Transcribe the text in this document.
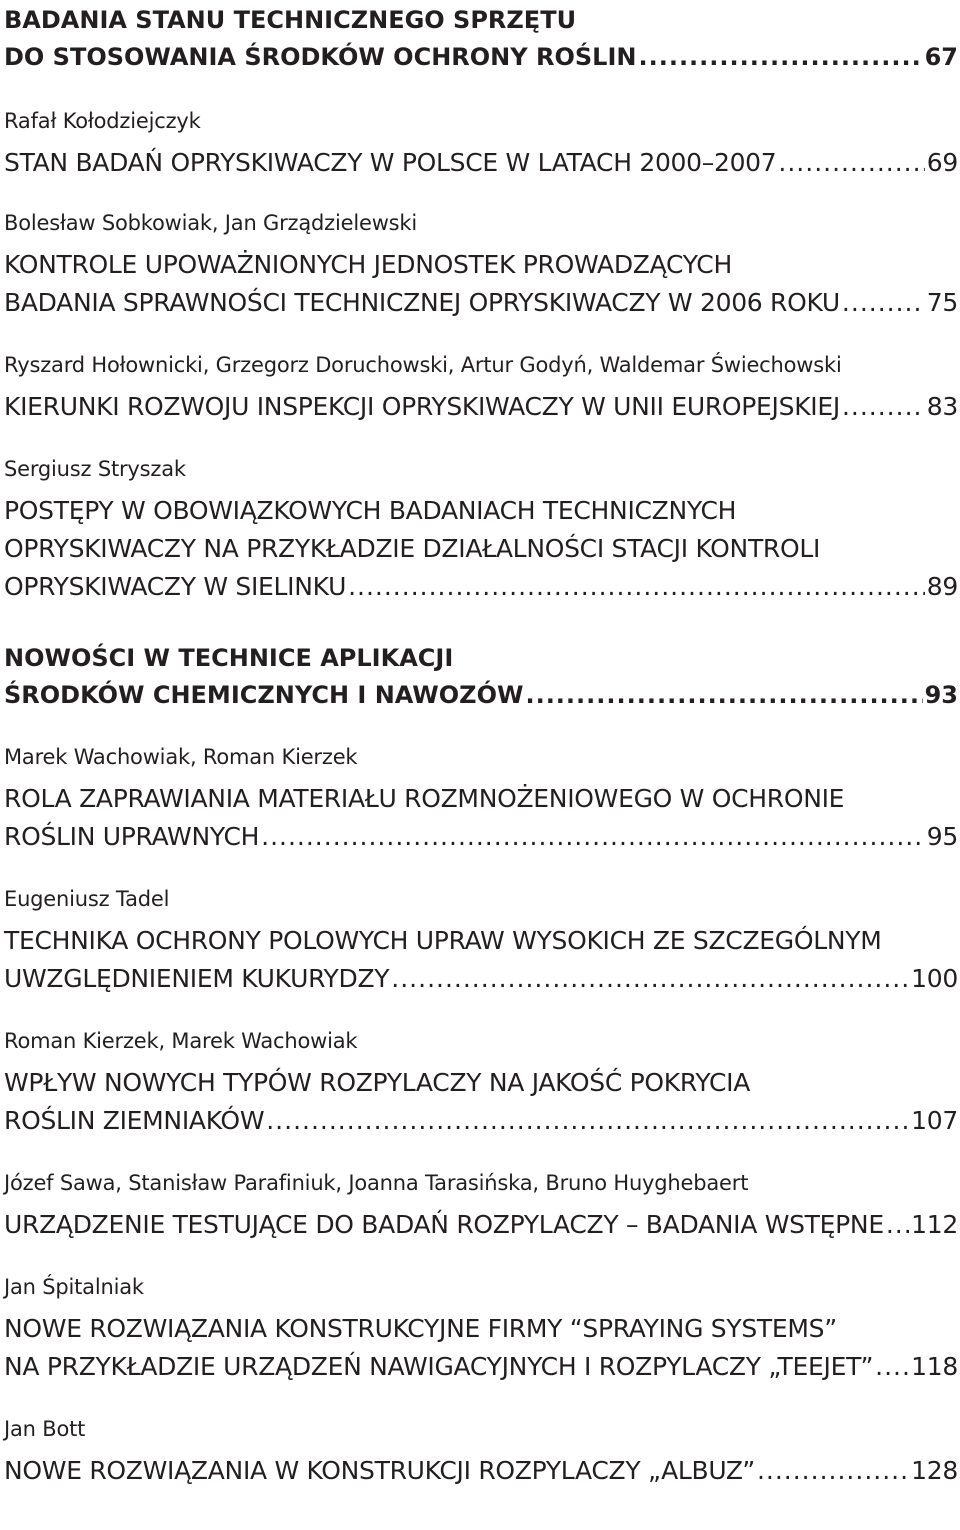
BADANIA STANU TECHNICZNEGO SPRZĘTU
DO STOSOWANIA ŚRODKÓW OCHRONY ROŚLIN .....	67
Rafał Kołodziejczyk
STAN BADAŃ OPRYSKIWACZY W POLSCE W LATACH 2000–2007 .....	69
Bolesław Sobkowiak, Jan Grządzielewski
KONTROLE UPOWAŻNIONYCH JEDNOSTEK PROWADZĄCYCH
BADANIA SPRAWNOŚCI TECHNICZNEJ OPRYSKIWACZY W 2006 ROKU .....	75
Ryszard Hołownicki, Grzegorz Doruchowski, Artur Godyń, Waldemar Świechowski
KIERUNKI ROZWOJU INSPEKCJI OPRYSKIWACZY W UNII EUROPEJSKIEJ .....	83
Sergiusz Stryszak
POSTĘPY W OBOWIĄZKOWYCH BADANIACH TECHNICZNYCH
OPRYSKIWACZY NA PRZYKŁADZIE DZIAŁALNOŚCI STACJI KONTROLI
OPRYSKIWACZY W SIELINKU .....	89
NOWOŚCI W TECHNICE APLIKACJI
ŚRODKÓW CHEMICZNYCH I NAWOZÓW .....	93
Marek Wachowiak, Roman Kierzek
ROLA ZAPRAWIANIA MATERIAŁU ROZMNOŻENIOWEGO W OCHRONIE
ROŚLIN UPRAWNYCH .....	95
Eugeniusz Tadel
TECHNIKA OCHRONY POLOWYCH UPRAW WYSOKICH ZE SZCZEGÓLNYM
UWZGLĘDNIENIEM KUKURYDZY .....	100
Roman Kierzek, Marek Wachowiak
WPŁYW NOWYCH TYPÓW ROZPYLACZY NA JAKOŚĆ POKRYCIA
ROŚLIN ZIEMNIAKÓW .....	107
Józef Sawa, Stanisław Parafiniuk, Joanna Tarasińska, Bruno Huyghebaert
URZĄDZENIE TESTUJĄCE DO BADAŃ ROZPYLACZY – BADANIA WSTĘPNE ..... 112
Jan Śpitalniak
NOWE ROZWIĄZANIA KONSTRUKCYJNE FIRMY “SPRAYING SYSTEMS”
NA PRZYKŁADZIE URZĄDZEŃ NAWIGACYJNYCH I ROZPYLACZY „TEEJET” ..... 118
Jan Bott
NOWE ROZWIĄZANIA W KONSTRUKCJI ROZPYLACZY „ALBUZ” .....	128
